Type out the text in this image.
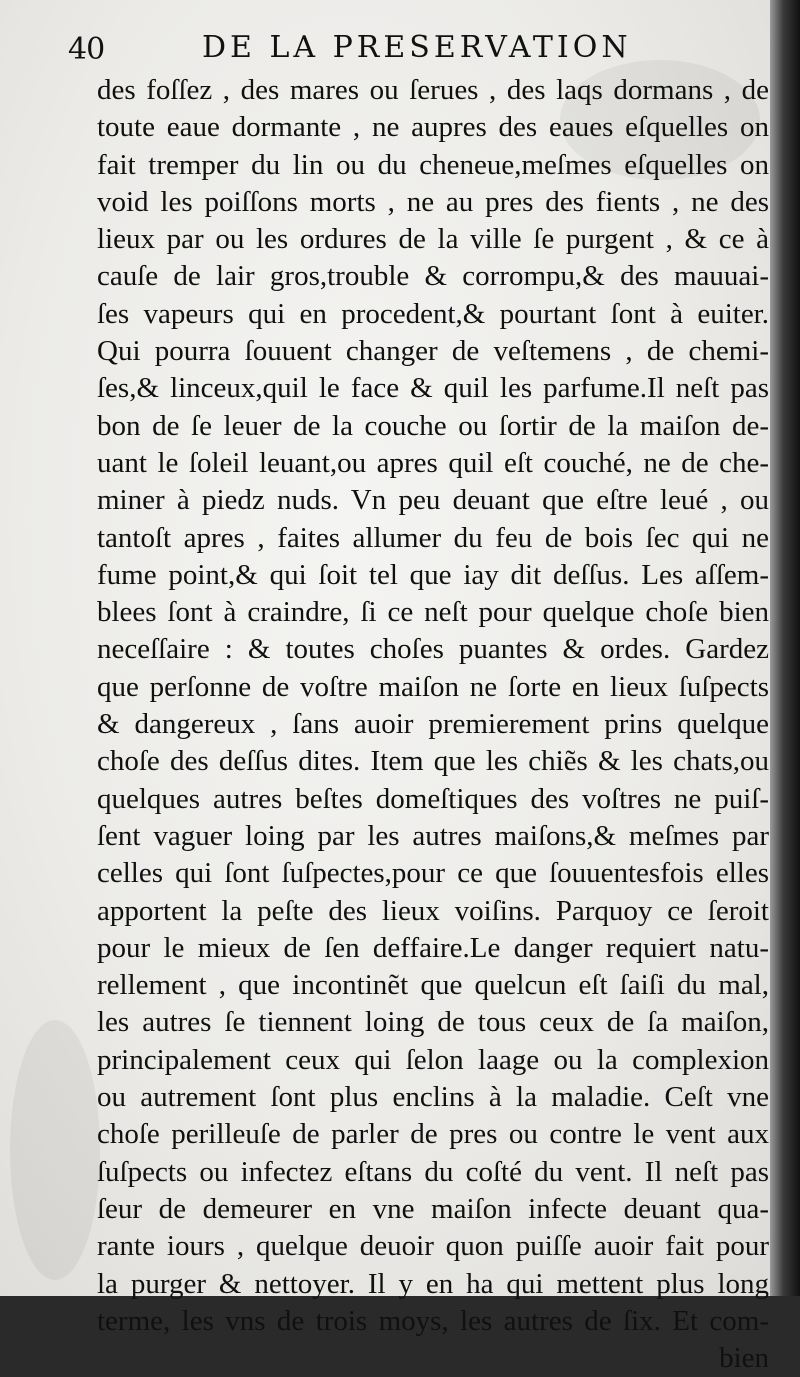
40	DE LA PRESERVATION
des foſſez , des mares ou ſerues , des laqs dormans , de
toute eaue dormante , ne aupres des eaues eſquelles on
fait tremper du lin ou du cheneue,meſmes eſquelles on
void les poiſſons morts , ne au pres des fients , ne des
lieux par ou les ordures de la ville ſe purgent , & ce à
cauſe de lair gros,trouble & corrompu,& des mauuai-
ſes vapeurs qui en procedent,& pourtant ſont à euiter.
Qui pourra ſouuent changer de veſtemens , de chemi-
ſes,& linceux,quil le face & quil les parfume.Il neſt pas
bon de ſe leuer de la couche ou ſortir de la maiſon de-
uant le ſoleil leuant,ou apres quil eſt couché, ne de che-
miner à piedz nuds. Vn peu deuant que eſtre leué , ou
tantoſt apres , faites allumer du feu de bois ſec qui ne
fume point,& qui ſoit tel que iay dit deſſus. Les aſſem-
blees ſont à craindre, ſi ce neſt pour quelque choſe bien
neceſſaire : & toutes choſes puantes & ordes. Gardez
que perſonne de voſtre maiſon ne ſorte en lieux ſuſpects
& dangereux , ſans auoir premierement prins quelque
choſe des deſſus dites. Item que les chiẽs & les chats,ou
quelques autres beſtes domeſtiques des voſtres ne puiſ-
ſent vaguer loing par les autres maiſons,& meſmes par
celles qui ſont ſuſpectes,pour ce que ſouuentesfois elles
apportent la peſte des lieux voiſins. Parquoy ce ſeroit
pour le mieux de ſen deffaire.Le danger requiert natu-
rellement , que incontinẽt que quelcun eſt ſaiſi du mal,
les autres ſe tiennent loing de tous ceux de ſa maiſon,
principalement ceux qui ſelon laage ou la complexion
ou autrement ſont plus enclins à la maladie. Ceſt vne
choſe perilleuſe de parler de pres ou contre le vent aux
ſuſpects ou infectez eſtans du coſté du vent. Il neſt pas
ſeur de demeurer en vne maiſon infecte deuant qua-
rante iours , quelque deuoir quon puiſſe auoir fait pour
la purger & nettoyer. Il y en ha qui mettent plus long
terme, les vns de trois moys, les autres de ſix. Et com-
bien
